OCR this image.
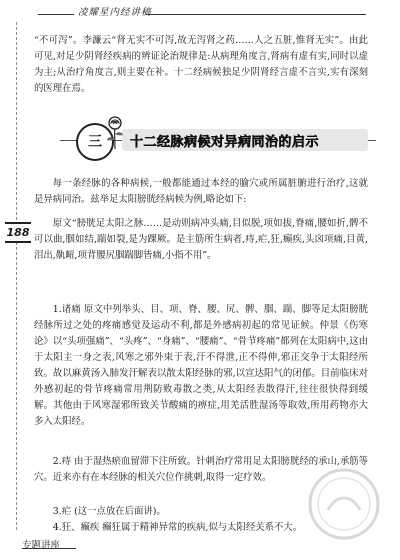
凌耀星内经讲稿
188

“不可泻”。李濂云“肾无实不可泻,故无泻肾之药……人之五脏,惟肾无实”。由此可见,对足少阴肾经疾病的辨证论治规律是:从病理角度言,肾病有虚有实,同时以虚为主;从治疗角度言,则主要在补。十二经病候独足少阴肾经言虚不言实,实有深刻的医理在焉。

三	十二经脉病候对异病同治的启示

每一条经脉的各种病候,一般都能通过本经的腧穴或所属脏腑进行治疗,这就是异病同治。兹举足太阳膀胱经病候为例,略论如下:

原文“膀胱足太阳之脉……是动则病冲头痛,目似脱,项如拔,脊痛,腰如折,髀不可以曲,腘如结,踹如裂,是为踝厥。是主筋所生病者,痔,疟,狂,癫疾,头囟项痛,目黄,泪出,鼽衄,项背腰尻腘踹脚皆痛,小指不用”。

1.诸痛 原文中列举头、目、项、脊、腰、尻、髀、腘、踹、脚等足太阳膀胱经脉所过之处的疼痛感觉及运动不利,都是外感病初起的常见证候。仲景《伤寒论》以“头项强痛”、“头疼”、“身痛”、“腰痛”、“骨节疼痛”都列在太阳病中,这由于太阳主一身之表,风寒之邪外束于表,汗不得泄,正不得伸,邪正交争于太阳经所致。故以麻黄汤入肺发汗解表以散太阳经脉的邪,以宣达阳气的闭郁。目前临床对外感初起的骨节疼痛常用荆防败毒散之类,从太阳经表散得汗,往往很快得到缓解。其他由于风寒湿邪所致关节酸痛的痹症,用羌活胜湿汤等取效,所用药物亦大多入太阳经。

2.痔 由于湿热瘀血留滞下注所致。针刺治疗常用足太阳膀胱经的承山,承筋等穴。近来亦有在本经脉的相关穴位作挑刺,取得一定疗效。

3.疟 (这一点放在后面讲)。

4.狂、癫疾 癫狂属于精神异常的疾病,似与太阳经关系不大。

专题讲座
